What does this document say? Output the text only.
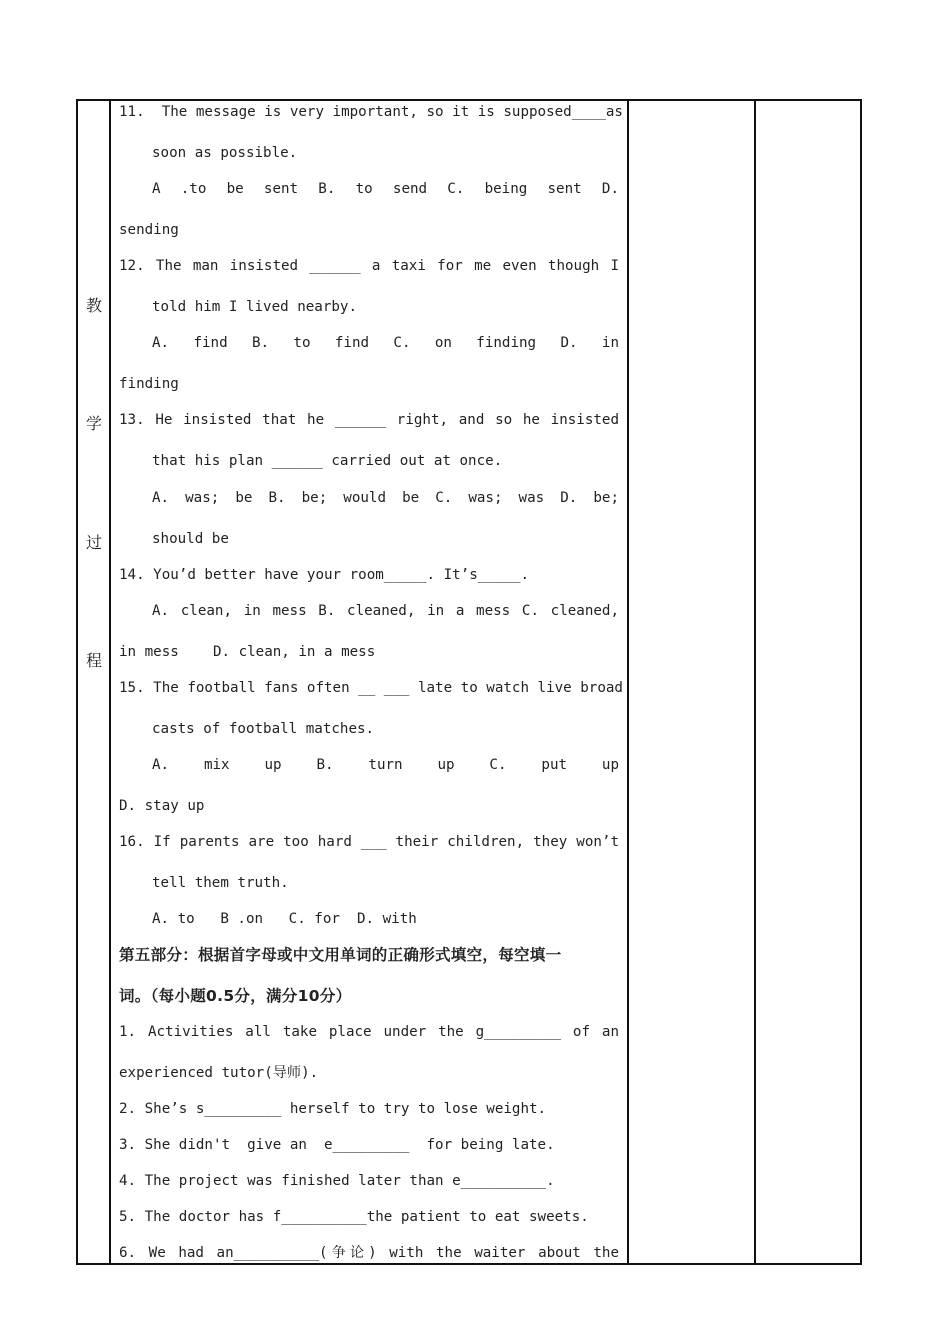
教
学
过
程
11.  The message is very important, so it is supposed____as
soon as possible.
A .to be sent B. to send C. being sent D.
sending
12. The man insisted ______ a taxi for me even though I
told him I lived nearby.
A. find B. to find C. on finding D. in
finding
13. He insisted that he ______ right, and so he insisted
that his plan ______ carried out at once.
A. was; be B. be; would be C. was; was D. be;
should be
14. You’d better have your room_____. It’s_____.
A. clean, in mess B. cleaned, in a mess C. cleaned,
in mess    D. clean, in a mess
15. The football fans often __ ___ late to watch live broad
casts of football matches.
A. mix up B. turn up C. put up
D. stay up
16. If parents are too hard ___ their children, they won’t
tell them truth.
A. to   B .on   C. for  D. with
第五部分：根据首字母或中文用单词的正确形式填空，每空填一
词。（每小题0.5分，满分10分）
1. Activities all take place under the g_________ of an
experienced tutor(导师).
2. She’s s_________ herself to try to lose weight.
3. She didn't  give an  e_________  for being late.
4. The project was finished later than e__________.
5. The doctor has f__________the patient to eat sweets.
6. We had an__________(争论) with the waiter about the
